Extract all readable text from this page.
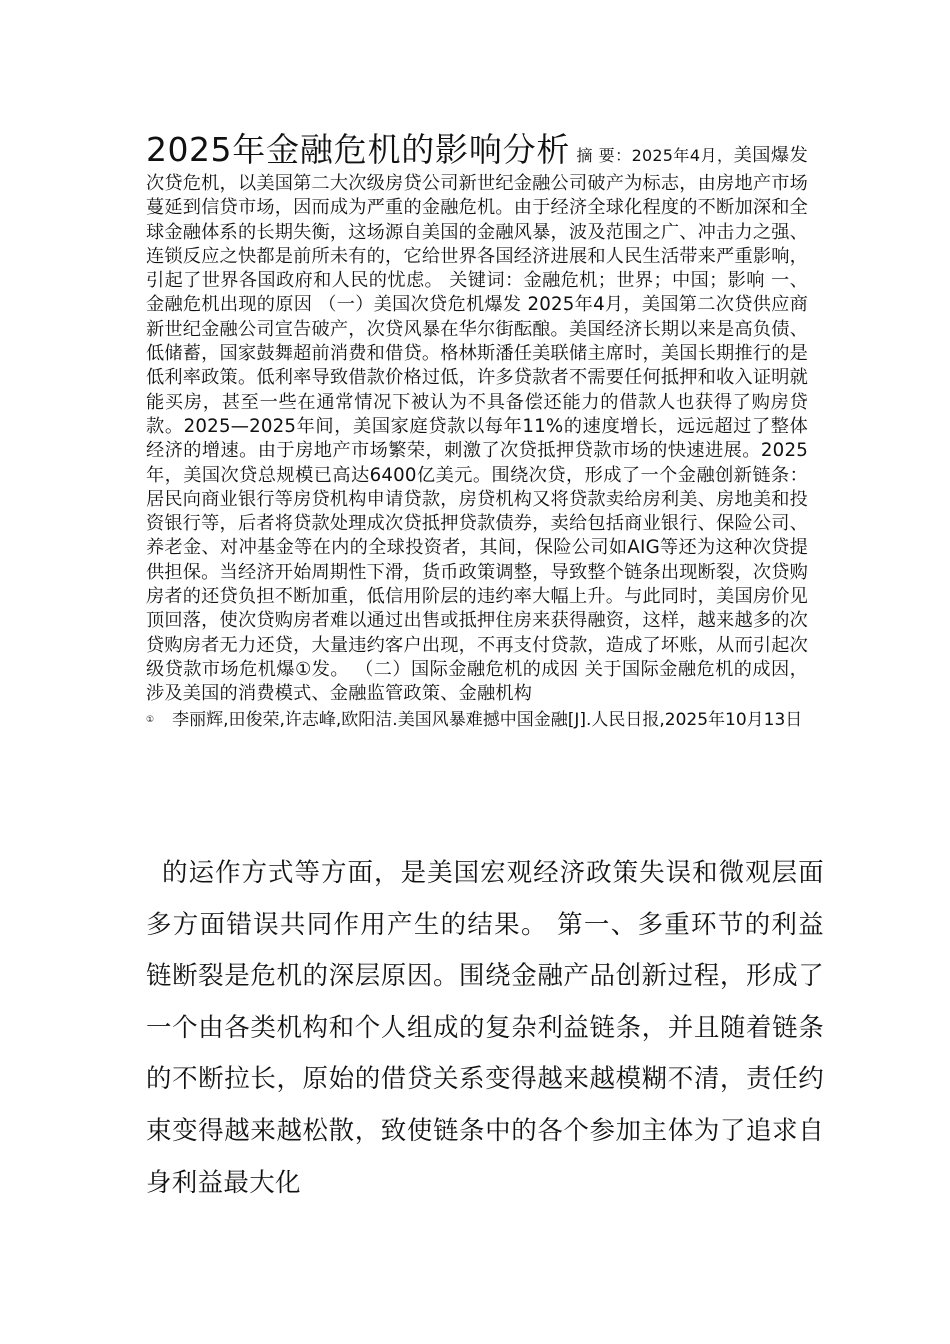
2025年金融危机的影响分析 摘 要：2025年4月，美国爆发次贷危机，以美国第二大次级房贷公司新世纪金融公司破产为标志，由房地产市场蔓延到信贷市场，因而成为严重的金融危机。由于经济全球化程度的不断加深和全球金融体系的长期失衡，这场源自美国的金融风暴，波及范围之广、冲击力之强、连锁反应之快都是前所未有的，它给世界各国经济进展和人民生活带来严重影响，引起了世界各国政府和人民的忧虑。 关键词：金融危机；世界；中国；影响 一、金融危机出现的原因 （一）美国次贷危机爆发 2025年4月，美国第二次贷供应商新世纪金融公司宣告破产，次贷风暴在华尔街酝酿。美国经济长期以来是高负债、低储蓄，国家鼓舞超前消费和借贷。格林斯潘任美联储主席时，美国长期推行的是低利率政策。低利率导致借款价格过低，许多贷款者不需要任何抵押和收入证明就能买房，甚至一些在通常情况下被认为不具备偿还能力的借款人也获得了购房贷款。2025—2025年间，美国家庭贷款以每年11%的速度增长，远远超过了整体经济的增速。由于房地产市场繁荣，刺激了次贷抵押贷款市场的快速进展。2025年，美国次贷总规模已高达6400亿美元。围绕次贷，形成了一个金融创新链条：居民向商业银行等房贷机构申请贷款，房贷机构又将贷款卖给房利美、房地美和投资银行等，后者将贷款处理成次贷抵押贷款债券，卖给包括商业银行、保险公司、养老金、对冲基金等在内的全球投资者，其间，保险公司如AIG等还为这种次贷提供担保。当经济开始周期性下滑，货币政策调整，导致整个链条出现断裂，次贷购房者的还贷负担不断加重，低信用阶层的违约率大幅上升。与此同时，美国房价见顶回落，使次贷购房者难以通过出售或抵押住房来获得融资，这样，越来越多的次贷购房者无力还贷，大量违约客户出现，不再支付贷款，造成了坏账，从而引起次级贷款市场危机爆①发。 （二）国际金融危机的成因 关于国际金融危机的成因，涉及美国的消费模式、金融监管政策、金融机构

① 李丽辉,田俊荣,许志峰,欧阳洁.美国风暴难撼中国金融[J].人民日报,2025年10月13日

的运作方式等方面，是美国宏观经济政策失误和微观层面多方面错误共同作用产生的结果。 第一、多重环节的利益链断裂是危机的深层原因。围绕金融产品创新过程，形成了一个由各类机构和个人组成的复杂利益链条，并且随着链条的不断拉长，原始的借贷关系变得越来越模糊不清，责任约束变得越来越松散，致使链条中的各个参加主体为了追求自身利益最大化
